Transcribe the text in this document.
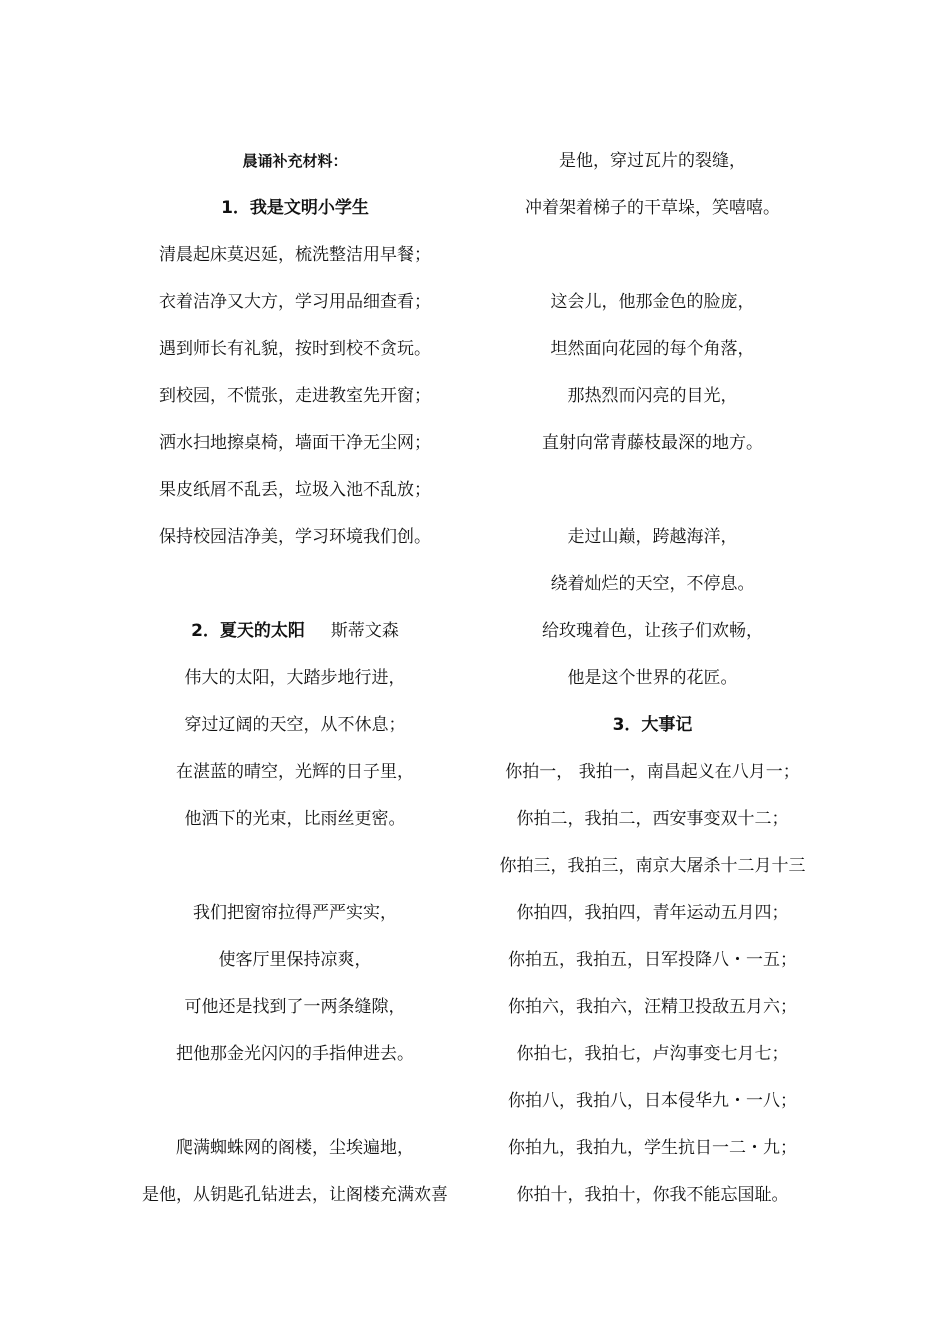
晨诵补充材料：
1．我是文明小学生
清晨起床莫迟延，梳洗整洁用早餐；
衣着洁净又大方，学习用品细查看；
遇到师长有礼貌，按时到校不贪玩。
到校园，不慌张，走进教室先开窗；
洒水扫地擦桌椅，墙面干净无尘网；
果皮纸屑不乱丢，垃圾入池不乱放；
保持校园洁净美，学习环境我们创。
2．夏天的太阳 斯蒂文森
伟大的太阳，大踏步地行进，
穿过辽阔的天空，从不休息；
在湛蓝的晴空，光辉的日子里，
他洒下的光束，比雨丝更密。
我们把窗帘拉得严严实实，
使客厅里保持凉爽，
可他还是找到了一两条缝隙，
把他那金光闪闪的手指伸进去。
爬满蜘蛛网的阁楼，尘埃遍地，
是他，从钥匙孔钻进去，让阁楼充满欢喜
是他，穿过瓦片的裂缝，
冲着架着梯子的干草垛，笑嘻嘻。
这会儿，他那金色的脸庞，
坦然面向花园的每个角落，
那热烈而闪亮的目光，
直射向常青藤枝最深的地方。
走过山巅，跨越海洋，
绕着灿烂的天空，不停息。
给玫瑰着色，让孩子们欢畅，
他是这个世界的花匠。
3．大事记
你拍一， 我拍一，南昌起义在八月一；
你拍二，我拍二，西安事变双十二；
你拍三，我拍三，南京大屠杀十二月十三
你拍四，我拍四，青年运动五月四；
你拍五，我拍五，日军投降八・一五；
你拍六，我拍六，汪精卫投敌五月六；
你拍七，我拍七，卢沟事变七月七；
你拍八，我拍八，日本侵华九・一八；
你拍九，我拍九，学生抗日一二・九；
你拍十，我拍十，你我不能忘国耻。
